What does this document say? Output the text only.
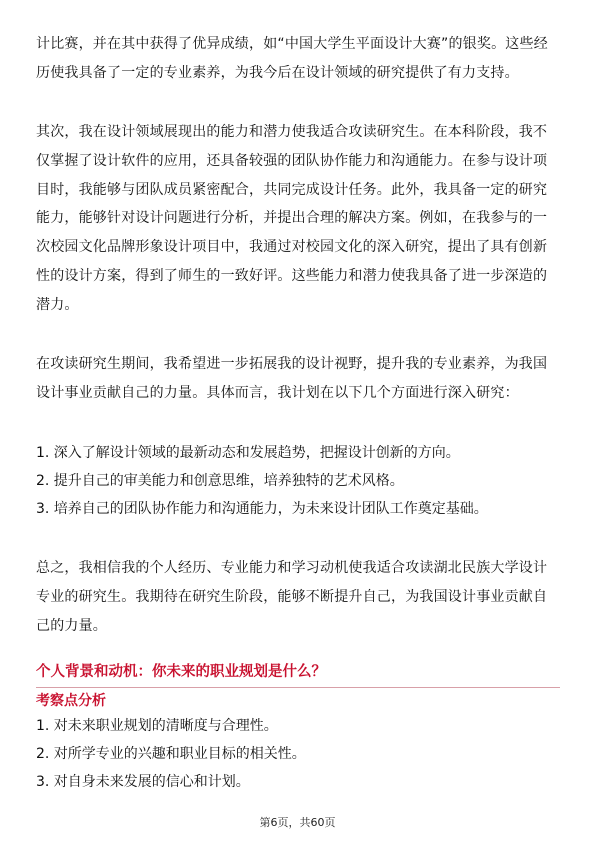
计比赛，并在其中获得了优异成绩，如“中国大学生平面设计大赛”的银奖。这些经
历使我具备了一定的专业素养，为我今后在设计领域的研究提供了有力支持。

其次，我在设计领域展现出的能力和潜力使我适合攻读研究生。在本科阶段，我不
仅掌握了设计软件的应用，还具备较强的团队协作能力和沟通能力。在参与设计项
目时，我能够与团队成员紧密配合，共同完成设计任务。此外，我具备一定的研究
能力，能够针对设计问题进行分析，并提出合理的解决方案。例如，在我参与的一
次校园文化品牌形象设计项目中，我通过对校园文化的深入研究，提出了具有创新
性的设计方案，得到了师生的一致好评。这些能力和潜力使我具备了进一步深造的
潜力。

在攻读研究生期间，我希望进一步拓展我的设计视野，提升我的专业素养，为我国
设计事业贡献自己的力量。具体而言，我计划在以下几个方面进行深入研究：

1. 深入了解设计领域的最新动态和发展趋势，把握设计创新的方向。

2. 提升自己的审美能力和创意思维，培养独特的艺术风格。

3. 培养自己的团队协作能力和沟通能力，为未来设计团队工作奠定基础。

总之，我相信我的个人经历、专业能力和学习动机使我适合攻读湖北民族大学设计
专业的研究生。我期待在研究生阶段，能够不断提升自己，为我国设计事业贡献自
己的力量。

个人背景和动机：你未来的职业规划是什么？

考察点分析

1. 对未来职业规划的清晰度与合理性。

2. 对所学专业的兴趣和职业目标的相关性。

3. 对自身未来发展的信心和计划。

第6页，共60页
